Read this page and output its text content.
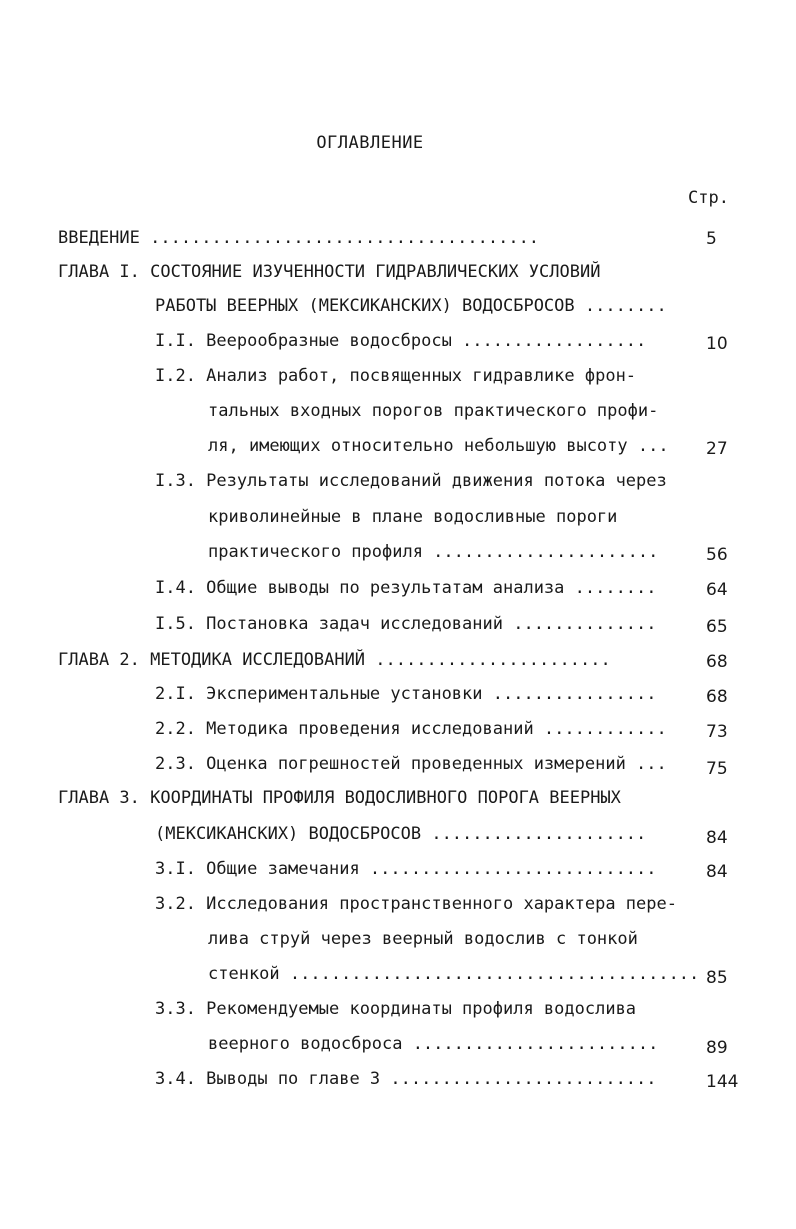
ОГЛАВЛЕНИЕ
Стр.
ВВЕДЕНИЕ ......................................	5
ГЛАВА I. СОСТОЯНИЕ ИЗУЧЕННОСТИ ГИДРАВЛИЧЕСКИХ УСЛОВИЙ
РАБОТЫ ВЕЕРНЫХ (МЕКСИКАНСКИХ) ВОДОСБРОСОВ ........
I.I. Веерообразные водосбросы ..................	10
I.2. Анализ работ, посвященных гидравлике фрон-
тальных входных порогов практического профи-
ля, имеющих относительно небольшую высоту ... 27
I.3. Результаты исследований движения потока через
криволинейные в плане водосливные пороги
практического профиля ......................	56
I.4. Общие выводы по результатам анализа ........	64
I.5. Постановка задач исследований ..............	65
ГЛАВА 2. МЕТОДИКА ИССЛЕДОВАНИЙ .......................	68
2.I. Экспериментальные установки ................	68
2.2. Методика проведения исследований ............ 73
2.3. Оценка погрешностей проведенных измерений ... 75
ГЛАВА 3. КООРДИНАТЫ ПРОФИЛЯ ВОДОСЛИВНОГО ПОРОГА ВЕЕРНЫХ
(МЕКСИКАНСКИХ) ВОДОСБРОСОВ .....................	84
3.I. Общие замечания ............................	84
3.2. Исследования пространственного характера пере-
лива струй через веерный водослив с тонкой
стенкой ........................................ 85
3.3. Рекомендуемые координаты профиля водослива
веерного водосброса ........................	89
3.4. Выводы по главе 3 ..........................	144
